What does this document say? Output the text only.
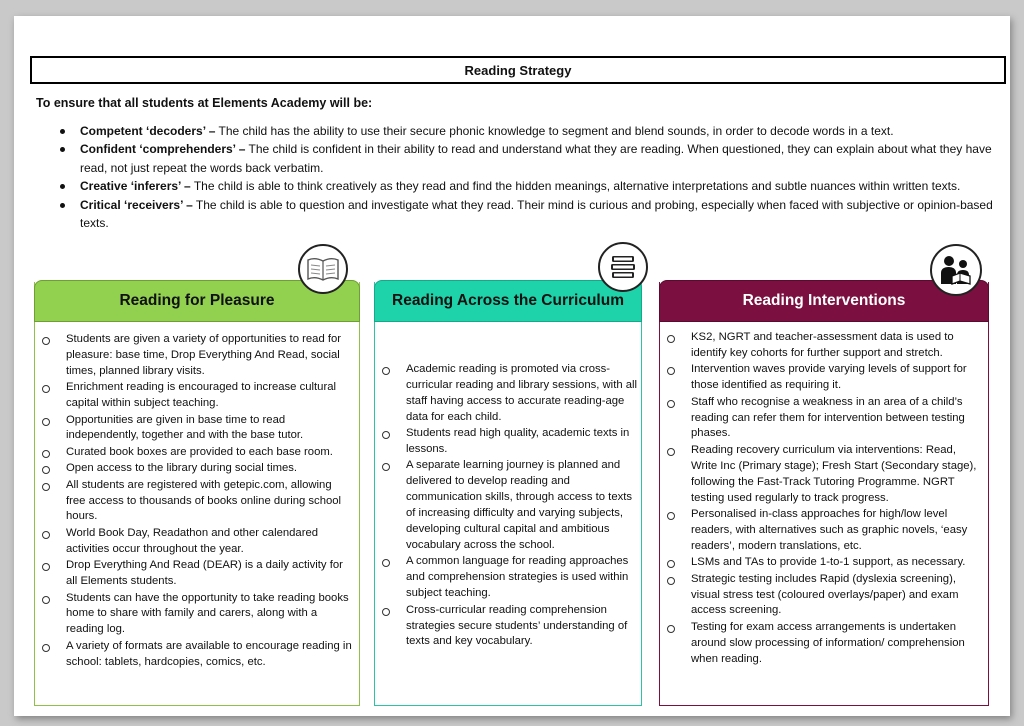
Reading Strategy
To ensure that all students at Elements Academy will be:
Competent ‘decoders’ – The child has the ability to use their secure phonic knowledge to segment and blend sounds, in order to decode words in a text.
Confident ‘comprehenders’ – The child is confident in their ability to read and understand what they are reading. When questioned, they can explain about what they have read, not just repeat the words back verbatim.
Creative ‘inferers’ – The child is able to think creatively as they read and find the hidden meanings, alternative interpretations and subtle nuances within written texts.
Critical ‘receivers’ – The child is able to question and investigate what they read. Their mind is curious and probing, especially when faced with subjective or opinion-based texts.
Reading for Pleasure
Students are given a variety of opportunities to read for pleasure: base time, Drop Everything And Read, social times, planned library visits.
Enrichment reading is encouraged to increase cultural capital within subject teaching.
Opportunities are given in base time to read independently, together and with the base tutor.
Curated book boxes are provided to each base room.
Open access to the library during social times.
All students are registered with getepic.com, allowing free access to thousands of books online during school hours.
World Book Day, Readathon and other calendared activities occur throughout the year.
Drop Everything And Read (DEAR) is a daily activity for all Elements students.
Students can have the opportunity to take reading books home to share with family and carers, along with a reading log.
A variety of formats are available to encourage reading in school: tablets, hardcopies, comics, etc.
Reading Across the Curriculum
Academic reading is promoted via cross-curricular reading and library sessions, with all staff having access to accurate reading-age data for each child.
Students read high quality, academic texts in lessons.
A separate learning journey is planned and delivered to develop reading and communication skills, through access to texts of increasing difficulty and varying subjects, developing cultural capital and ambitious vocabulary across the school.
A common language for reading approaches and comprehension strategies is used within subject teaching.
Cross-curricular reading comprehension strategies secure students’ understanding of texts and key vocabulary.
Reading Interventions
KS2, NGRT and teacher-assessment data is used to identify key cohorts for further support and stretch.
Intervention waves provide varying levels of support for those identified as requiring it.
Staff who recognise a weakness in an area of a child’s reading can refer them for intervention between testing phases.
Reading recovery curriculum via interventions: Read, Write Inc (Primary stage); Fresh Start (Secondary stage), following the Fast-Track Tutoring Programme. NGRT testing used regularly to track progress.
Personalised in-class approaches for high/low level readers, with alternatives such as graphic novels, ‘easy readers’, modern translations, etc.
LSMs and TAs to provide 1-to-1 support, as necessary.
Strategic testing includes Rapid (dyslexia screening), visual stress test (coloured overlays/paper) and exam access screening.
Testing for exam access arrangements is undertaken around slow processing of information/ comprehension when reading.
